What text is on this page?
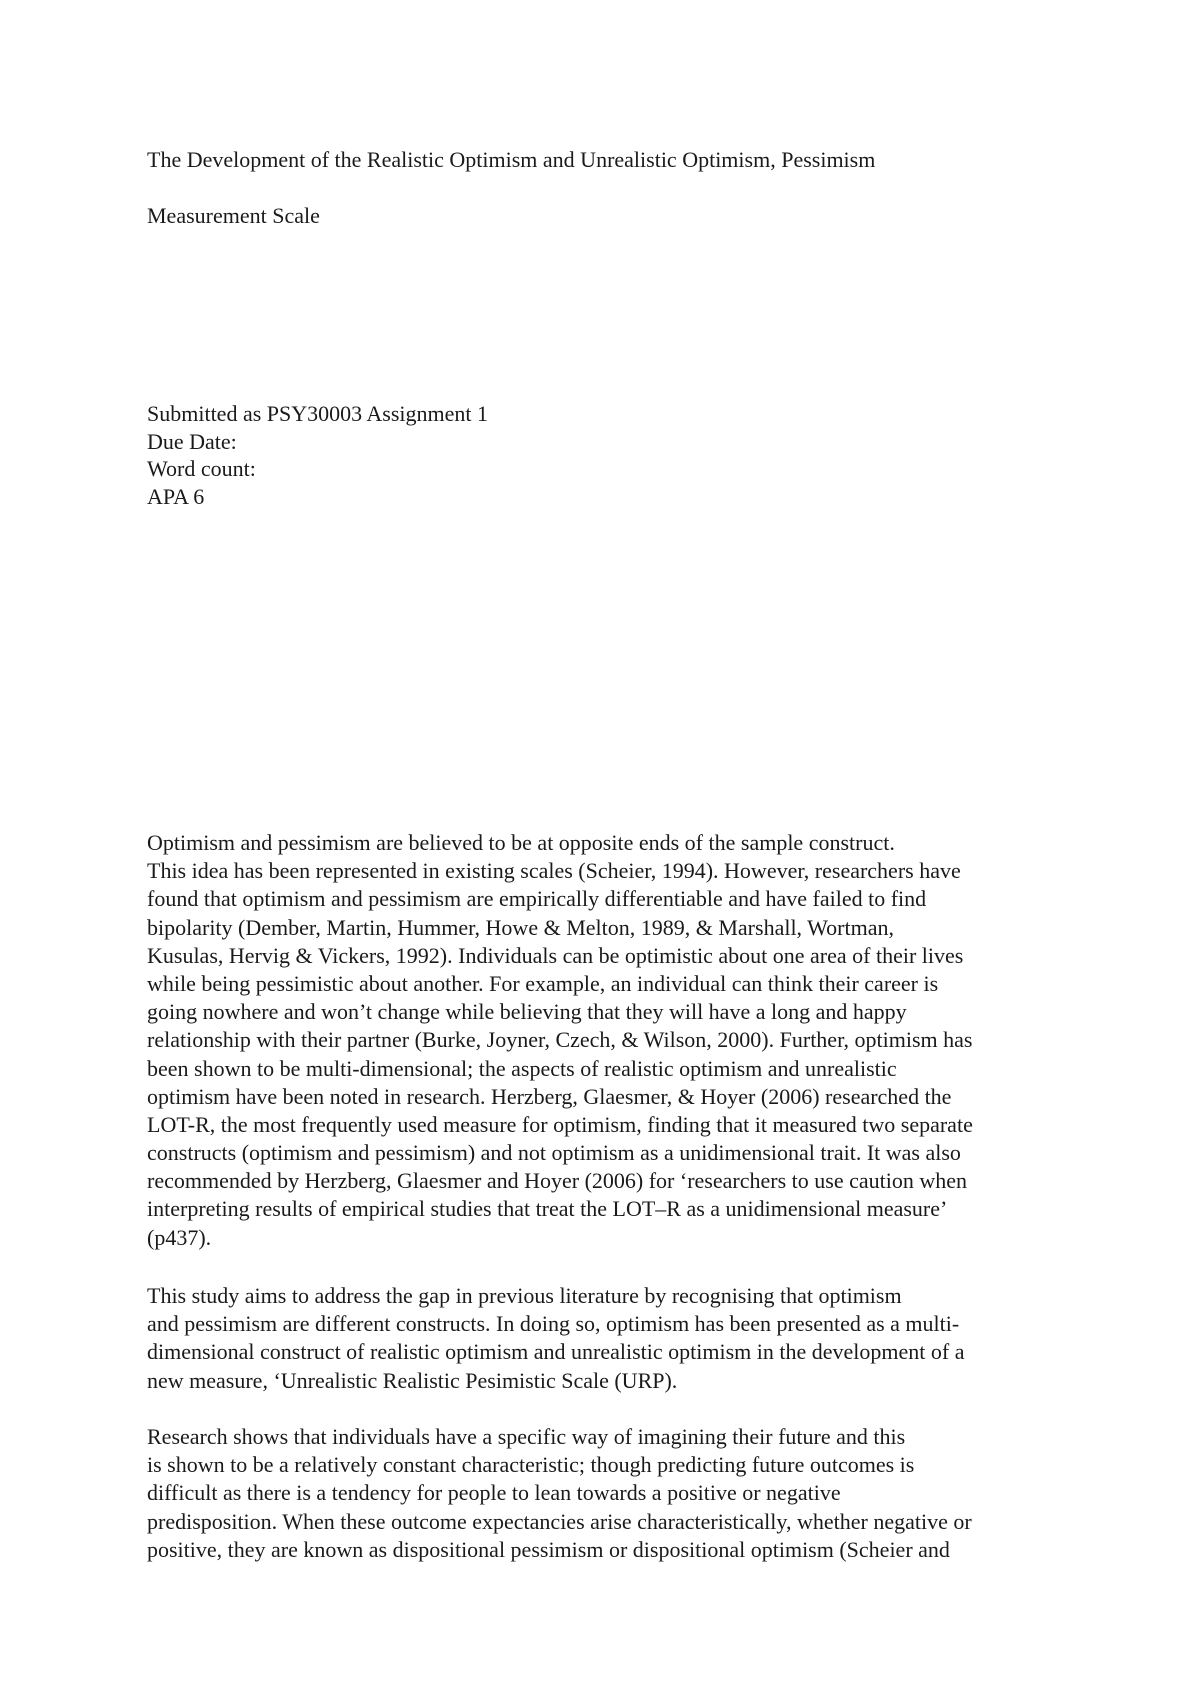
The Development of the Realistic Optimism and Unrealistic Optimism, Pessimism
Measurement Scale
Submitted as PSY30003 Assignment 1
Due Date:
Word count:
APA 6
Optimism and pessimism are believed to be at opposite ends of the sample construct.
This idea has been represented in existing scales (Scheier, 1994). However, researchers have
found that optimism and pessimism are empirically differentiable and have failed to find
bipolarity (Dember, Martin, Hummer, Howe & Melton, 1989, & Marshall, Wortman,
Kusulas, Hervig & Vickers, 1992). Individuals can be optimistic about one area of their lives
while being pessimistic about another. For example, an individual can think their career is
going nowhere and won’t change while believing that they will have a long and happy
relationship with their partner (Burke, Joyner, Czech, & Wilson, 2000). Further, optimism has
been shown to be multi-dimensional; the aspects of realistic optimism and unrealistic
optimism have been noted in research. Herzberg, Glaesmer, & Hoyer (2006) researched the
LOT-R, the most frequently used measure for optimism, finding that it measured two separate
constructs (optimism and pessimism) and not optimism as a unidimensional trait. It was also
recommended by Herzberg, Glaesmer and Hoyer (2006) for ‘researchers to use caution when
interpreting results of empirical studies that treat the LOT–R as a unidimensional measure’
(p437).
This study aims to address the gap in previous literature by recognising that optimism
and pessimism are different constructs. In doing so, optimism has been presented as a multi-
dimensional construct of realistic optimism and unrealistic optimism in the development of a
new measure, ‘Unrealistic Realistic Pesimistic Scale (URP).
Research shows that individuals have a specific way of imagining their future and this
is shown to be a relatively constant characteristic; though predicting future outcomes is
difficult as there is a tendency for people to lean towards a positive or negative
predisposition. When these outcome expectancies arise characteristically, whether negative or
positive, they are known as dispositional pessimism or dispositional optimism (Scheier and
